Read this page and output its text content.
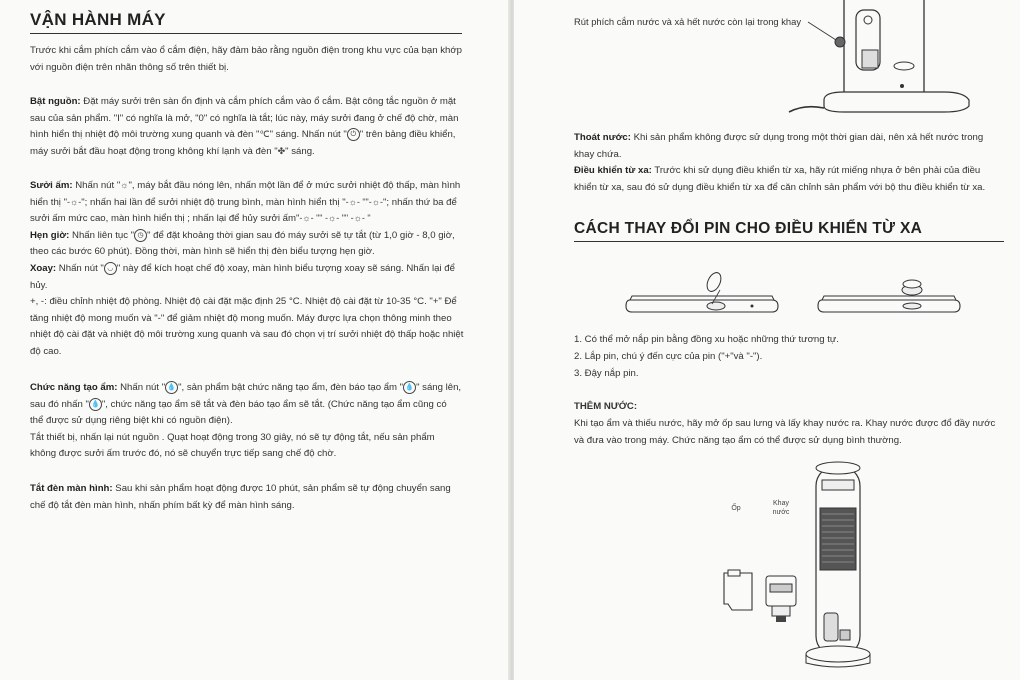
VẬN HÀNH MÁY

Trước khi cắm phích cắm vào ổ cắm điện, hãy đảm bảo rằng nguồn điện trong khu vực của bạn khớp với nguồn điện trên nhãn thông số trên thiết bị.

Bật nguồn: Đặt máy sưởi trên sàn ổn định và cắm phích cắm vào ổ cắm. Bật công tắc nguồn ở mặt sau của sản phẩm. "I" có nghĩa là mở, "0" có nghĩa là tắt; lúc này, máy sưởi đang ở chế độ chờ, màn hình hiển thị nhiệt độ môi trường xung quanh và đèn "℃" sáng. Nhấn nút " ⏻ " trên bảng điều khiển, máy sưởi bắt đầu hoạt động trong không khí lạnh và đèn "✤" sáng.

Sưởi ấm: Nhấn nút "☼", máy bắt đầu nóng lên, nhấn một lần để ở mức sưởi nhiệt độ thấp, màn hình hiển thị "-☼-"; nhấn hai lần để sưởi nhiệt độ trung bình, màn hình hiển thị "-☼- ""-☼-"; nhấn thứ ba để sưởi ấm mức cao, màn hình hiển thị ; nhấn lại để hủy sưởi ấm"-☼- "" -☼- "" -☼- "
Hẹn giờ: Nhấn liên tục " ◷ " để đặt khoảng thời gian sau đó máy sưởi sẽ tự tắt (từ 1,0 giờ - 8,0 giờ, theo các bước 60 phút). Đồng thời, màn hình sẽ hiển thị đèn biểu tượng hẹn giờ.
Xoay: Nhấn nút " ◡ " này để kích hoạt chế độ xoay, màn hình biểu tượng xoay sẽ sáng. Nhấn lại để hủy.
+, -: điều chỉnh nhiệt độ phòng. Nhiệt độ cài đặt mặc định 25 °C. Nhiệt độ cài đặt từ 10-35 °C. "+" Để tăng nhiệt độ mong muốn và "-" để giảm nhiệt độ mong muốn. Máy được lựa chọn thông minh theo nhiệt độ cài đặt và nhiệt độ môi trường xung quanh và sau đó chọn vị trí sưởi nhiệt độ thấp hoặc nhiệt độ cao.

Chức năng tạo ẩm: Nhấn nút " 💧 ", sản phẩm bật chức năng tạo ẩm, đèn báo tạo ẩm " 💧 " sáng lên, sau đó nhấn " 💧 ", chức năng tạo ẩm sẽ tắt và đèn báo tạo ẩm sẽ tắt. (Chức năng tạo ẩm cũng có thể được sử dụng riêng biệt khi có nguồn điện).
Tắt thiết bị, nhấn lại nút nguồn . Quạt hoạt động trong 30 giây, nó sẽ tự động tắt, nếu sản phẩm không được sưởi ấm trước đó, nó sẽ chuyển trực tiếp sang chế độ chờ.

Tắt đèn màn hình: Sau khi sản phẩm hoạt động được 10 phút, sản phẩm sẽ tự động chuyển sang chế độ tắt đèn màn hình, nhấn phím bất kỳ để màn hình sáng.

Rút phích cắm nước và xả hết nước còn lại trong khay

Thoát nước: Khi sản phẩm không được sử dụng trong một thời gian dài, nên xả hết nước trong khay chứa.

Điều khiển từ xa: Trước khi sử dụng điều khiển từ xa, hãy rút miếng nhựa ở bên phải của điều khiển từ xa, sau đó sử dụng điều khiển từ xa để căn chỉnh sản phẩm với bộ thu điều khiển từ xa.

CÁCH THAY ĐỔI PIN CHO ĐIỀU KHIỂN TỪ XA

1. Có thể mở nắp pin bằng đồng xu hoặc những thứ tương tự.

2. Lắp pin, chú ý đến cực của pin ("+"và "-").

3. Đậy nắp pin.

THÊM NƯỚC:

Khi tạo ẩm và thiếu nước, hãy mở ốp sau lưng và lấy khay nước ra. Khay nước được đổ đầy nước và đưa vào trong máy. Chức năng tạo ẩm có thể được sử dụng bình thường.

Ốp
Khay
nước
